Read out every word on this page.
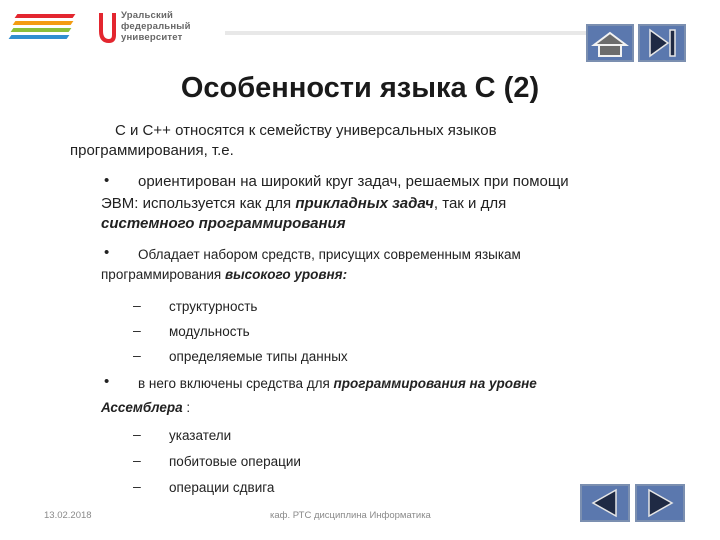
Уральский
федеральный
университет
Особенности языка С (2)
С и С++ относятся к семейству универсальных языков
программирования, т.е.
• ориентирован на широкий круг задач, решаемых при помощи
ЭВМ: используется как для прикладных задач, так и для
системного программирования
• Обладает набором средств, присущих современным языкам
программирования высокого уровня:
– структурность
– модульность
– определяемые типы данных
• в него включены средства для программирования на уровне
Ассемблера :
– указатели
– побитовые операции
– операции сдвига
13.02.2018	каф. РТС дисциплина Информатика
